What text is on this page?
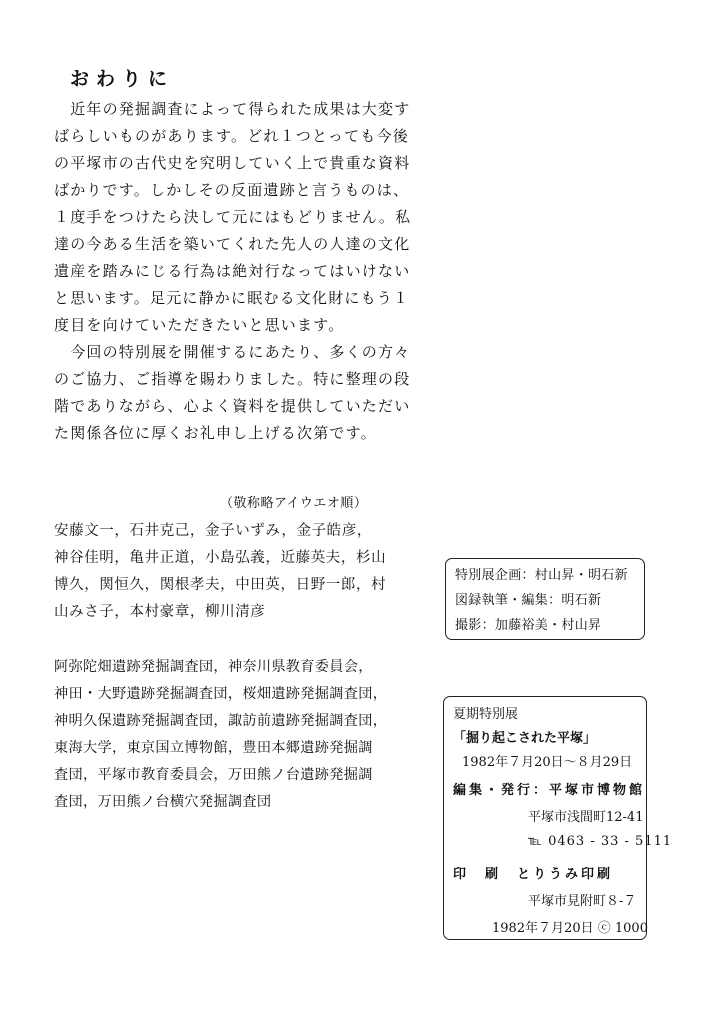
おわりに
　近年の発掘調査によって得られた成果は大変す
ばらしいものがあります。どれ１つとっても今後
の平塚市の古代史を究明していく上で貴重な資料
ばかりです。しかしその反面遺跡と言うものは、
１度手をつけたら決して元にはもどりません。私
達の今ある生活を築いてくれた先人の人達の文化
遺産を踏みにじる行為は絶対行なってはいけない
と思います。足元に静かに眠むる文化財にもう１
度目を向けていただきたいと思います。
　今回の特別展を開催するにあたり、多くの方々
のご協力、ご指導を賜わりました。特に整理の段
階でありながら、心よく資料を提供していただい
た関係各位に厚くお礼申し上げる次第です。
（敬称略アイウエオ順）
安藤文一，石井克己，金子いずみ，金子皓彦，
神谷佳明，亀井正道，小島弘義，近藤英夫，杉山
博久，関恒久，関根孝夫，中田英，日野一郎，村
山みさ子，本村豪章，柳川清彦
阿弥陀畑遺跡発掘調査団，神奈川県教育委員会，
神田・大野遺跡発掘調査団，桜畑遺跡発掘調査団，
神明久保遺跡発掘調査団，諏訪前遺跡発掘調査団，
東海大学，東京国立博物館，豊田本郷遺跡発掘調
査団，平塚市教育委員会，万田熊ノ台遺跡発掘調
査団，万田熊ノ台横穴発掘調査団
特別展企画：村山昇・明石新
図録執筆・編集：明石新
撮影：加藤裕美・村山昇
夏期特別展
「掘り起こされた平塚」
1982年７月20日～８月29日
編集・発行：平塚市博物館
平塚市浅間町12-41
℡ 0463 - 33 - 5111
印　刷　とりうみ印刷
平塚市見附町８-７
1982年７月20日 ⓒ 1000
